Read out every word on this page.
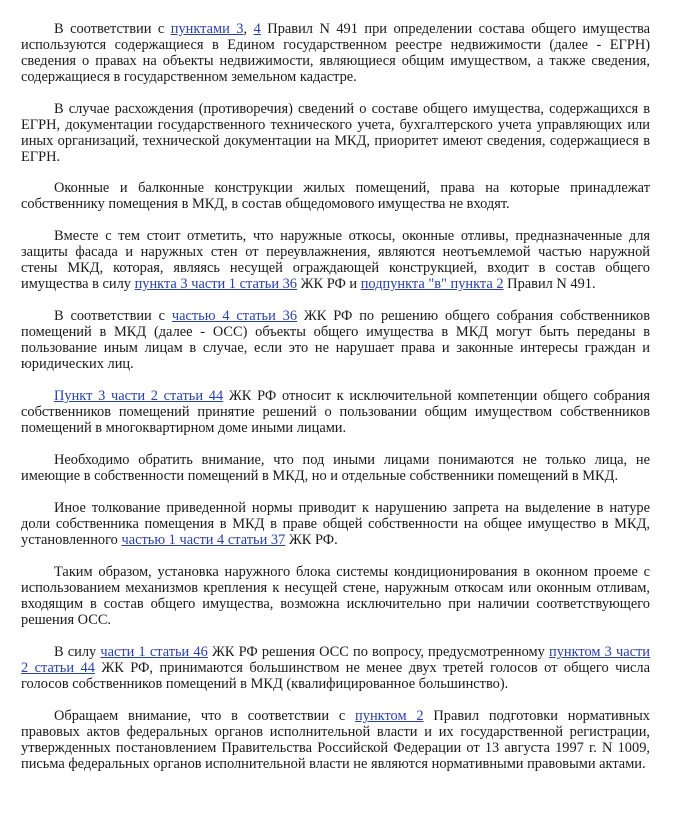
В соответствии с пунктами 3, 4 Правил N 491 при определении состава общего имущества используются содержащиеся в Едином государственном реестре недвижимости (далее - ЕГРН) сведения о правах на объекты недвижимости, являющиеся общим имуществом, а также сведения, содержащиеся в государственном земельном кадастре.

В случае расхождения (противоречия) сведений о составе общего имущества, содержащихся в ЕГРН, документации государственного технического учета, бухгалтерского учета управляющих или иных организаций, технической документации на МКД, приоритет имеют сведения, содержащиеся в ЕГРН.

Оконные и балконные конструкции жилых помещений, права на которые принадлежат собственнику помещения в МКД, в состав общедомового имущества не входят.

Вместе с тем стоит отметить, что наружные откосы, оконные отливы, предназначенные для защиты фасада и наружных стен от переувлажнения, являются неотъемлемой частью наружной стены МКД, которая, являясь несущей ограждающей конструкцией, входит в состав общего имущества в силу пункта 3 части 1 статьи 36 ЖК РФ и подпункта "в" пункта 2 Правил N 491.

В соответствии с частью 4 статьи 36 ЖК РФ по решению общего собрания собственников помещений в МКД (далее - ОСС) объекты общего имущества в МКД могут быть переданы в пользование иным лицам в случае, если это не нарушает права и законные интересы граждан и юридических лиц.

Пункт 3 части 2 статьи 44 ЖК РФ относит к исключительной компетенции общего собрания собственников помещений принятие решений о пользовании общим имуществом собственников помещений в многоквартирном доме иными лицами.

Необходимо обратить внимание, что под иными лицами понимаются не только лица, не имеющие в собственности помещений в МКД, но и отдельные собственники помещений в МКД.

Иное толкование приведенной нормы приводит к нарушению запрета на выделение в натуре доли собственника помещения в МКД в праве общей собственности на общее имущество в МКД, установленного частью 1 части 4 статьи 37 ЖК РФ.

Таким образом, установка наружного блока системы кондиционирования в оконном проеме с использованием механизмов крепления к несущей стене, наружным откосам или оконным отливам, входящим в состав общего имущества, возможна исключительно при наличии соответствующего решения ОСС.

В силу части 1 статьи 46 ЖК РФ решения ОСС по вопросу, предусмотренному пунктом 3 части 2 статьи 44 ЖК РФ, принимаются большинством не менее двух третей голосов от общего числа голосов собственников помещений в МКД (квалифицированное большинство).

Обращаем внимание, что в соответствии с пунктом 2 Правил подготовки нормативных правовых актов федеральных органов исполнительной власти и их государственной регистрации, утвержденных постановлением Правительства Российской Федерации от 13 августа 1997 г. N 1009, письма федеральных органов исполнительной власти не являются нормативными правовыми актами.
